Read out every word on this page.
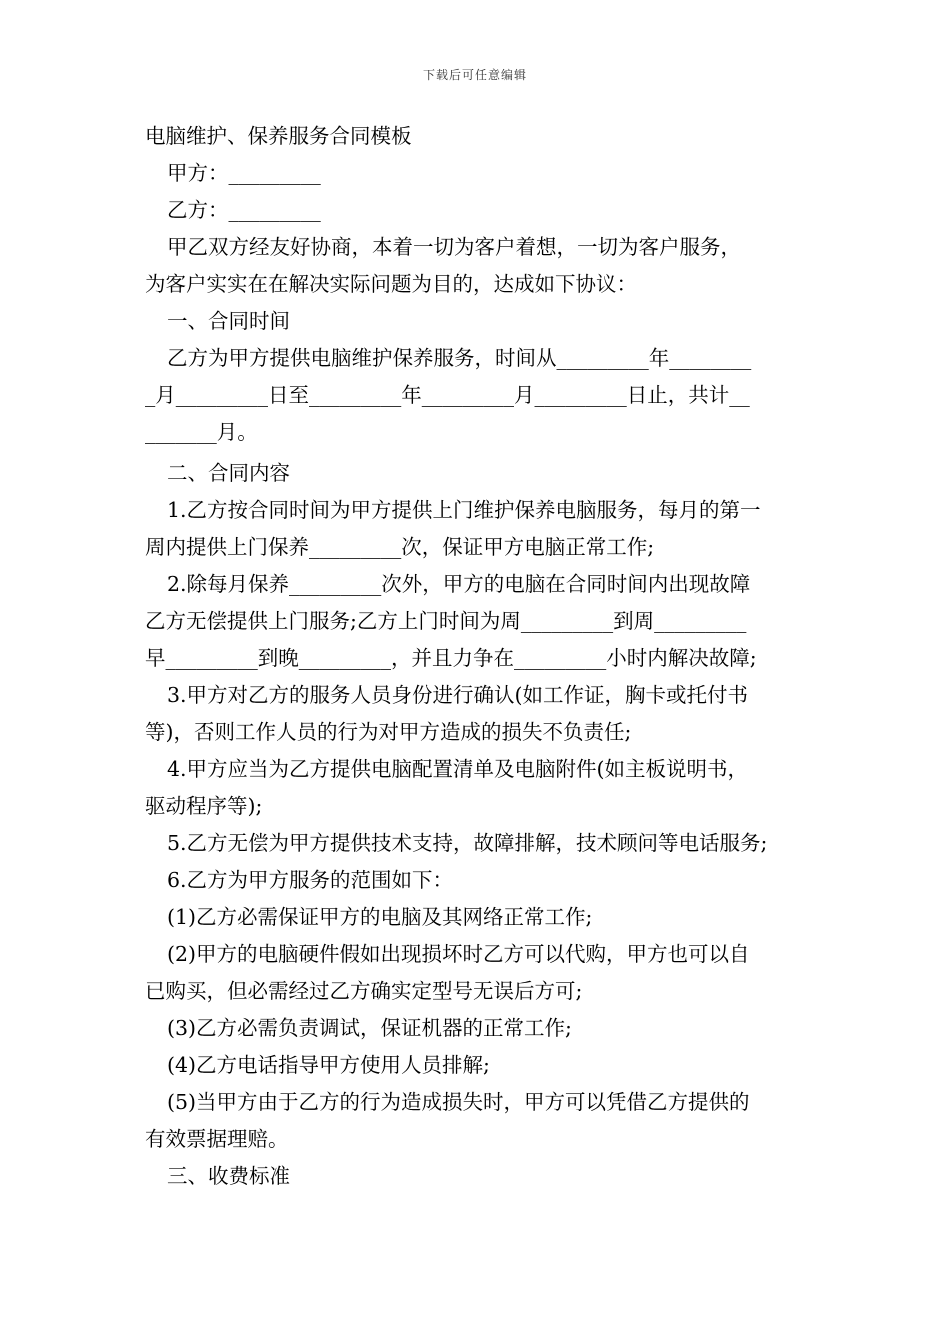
下载后可任意编辑
电脑维护、保养服务合同模板
甲方：_________
乙方：_________
甲乙双方经友好协商，本着一切为客户着想，一切为客户服务，
为客户实实在在解决实际问题为目的，达成如下协议：
一、合同时间
乙方为甲方提供电脑维护保养服务，时间从_________年________
_月_________日至_________年_________月_________日止，共计__
_______月。
二、合同内容
1.乙方按合同时间为甲方提供上门维护保养电脑服务，每月的第一
周内提供上门保养_________次，保证甲方电脑正常工作;
2.除每月保养_________次外，甲方的电脑在合同时间内出现故障
乙方无偿提供上门服务;乙方上门时间为周_________到周_________
早_________到晚_________，并且力争在_________小时内解决故障;
3.甲方对乙方的服务人员身份进行确认(如工作证，胸卡或托付书
等)，否则工作人员的行为对甲方造成的损失不负责任;
4.甲方应当为乙方提供电脑配置清单及电脑附件(如主板说明书，
驱动程序等);
5.乙方无偿为甲方提供技术支持，故障排解，技术顾问等电话服务;
6.乙方为甲方服务的范围如下：
(1)乙方必需保证甲方的电脑及其网络正常工作;
(2)甲方的电脑硬件假如出现损坏时乙方可以代购，甲方也可以自
已购买，但必需经过乙方确实定型号无误后方可;
(3)乙方必需负责调试，保证机器的正常工作;
(4)乙方电话指导甲方使用人员排解;
(5)当甲方由于乙方的行为造成损失时，甲方可以凭借乙方提供的
有效票据理赔。
三、收费标准
